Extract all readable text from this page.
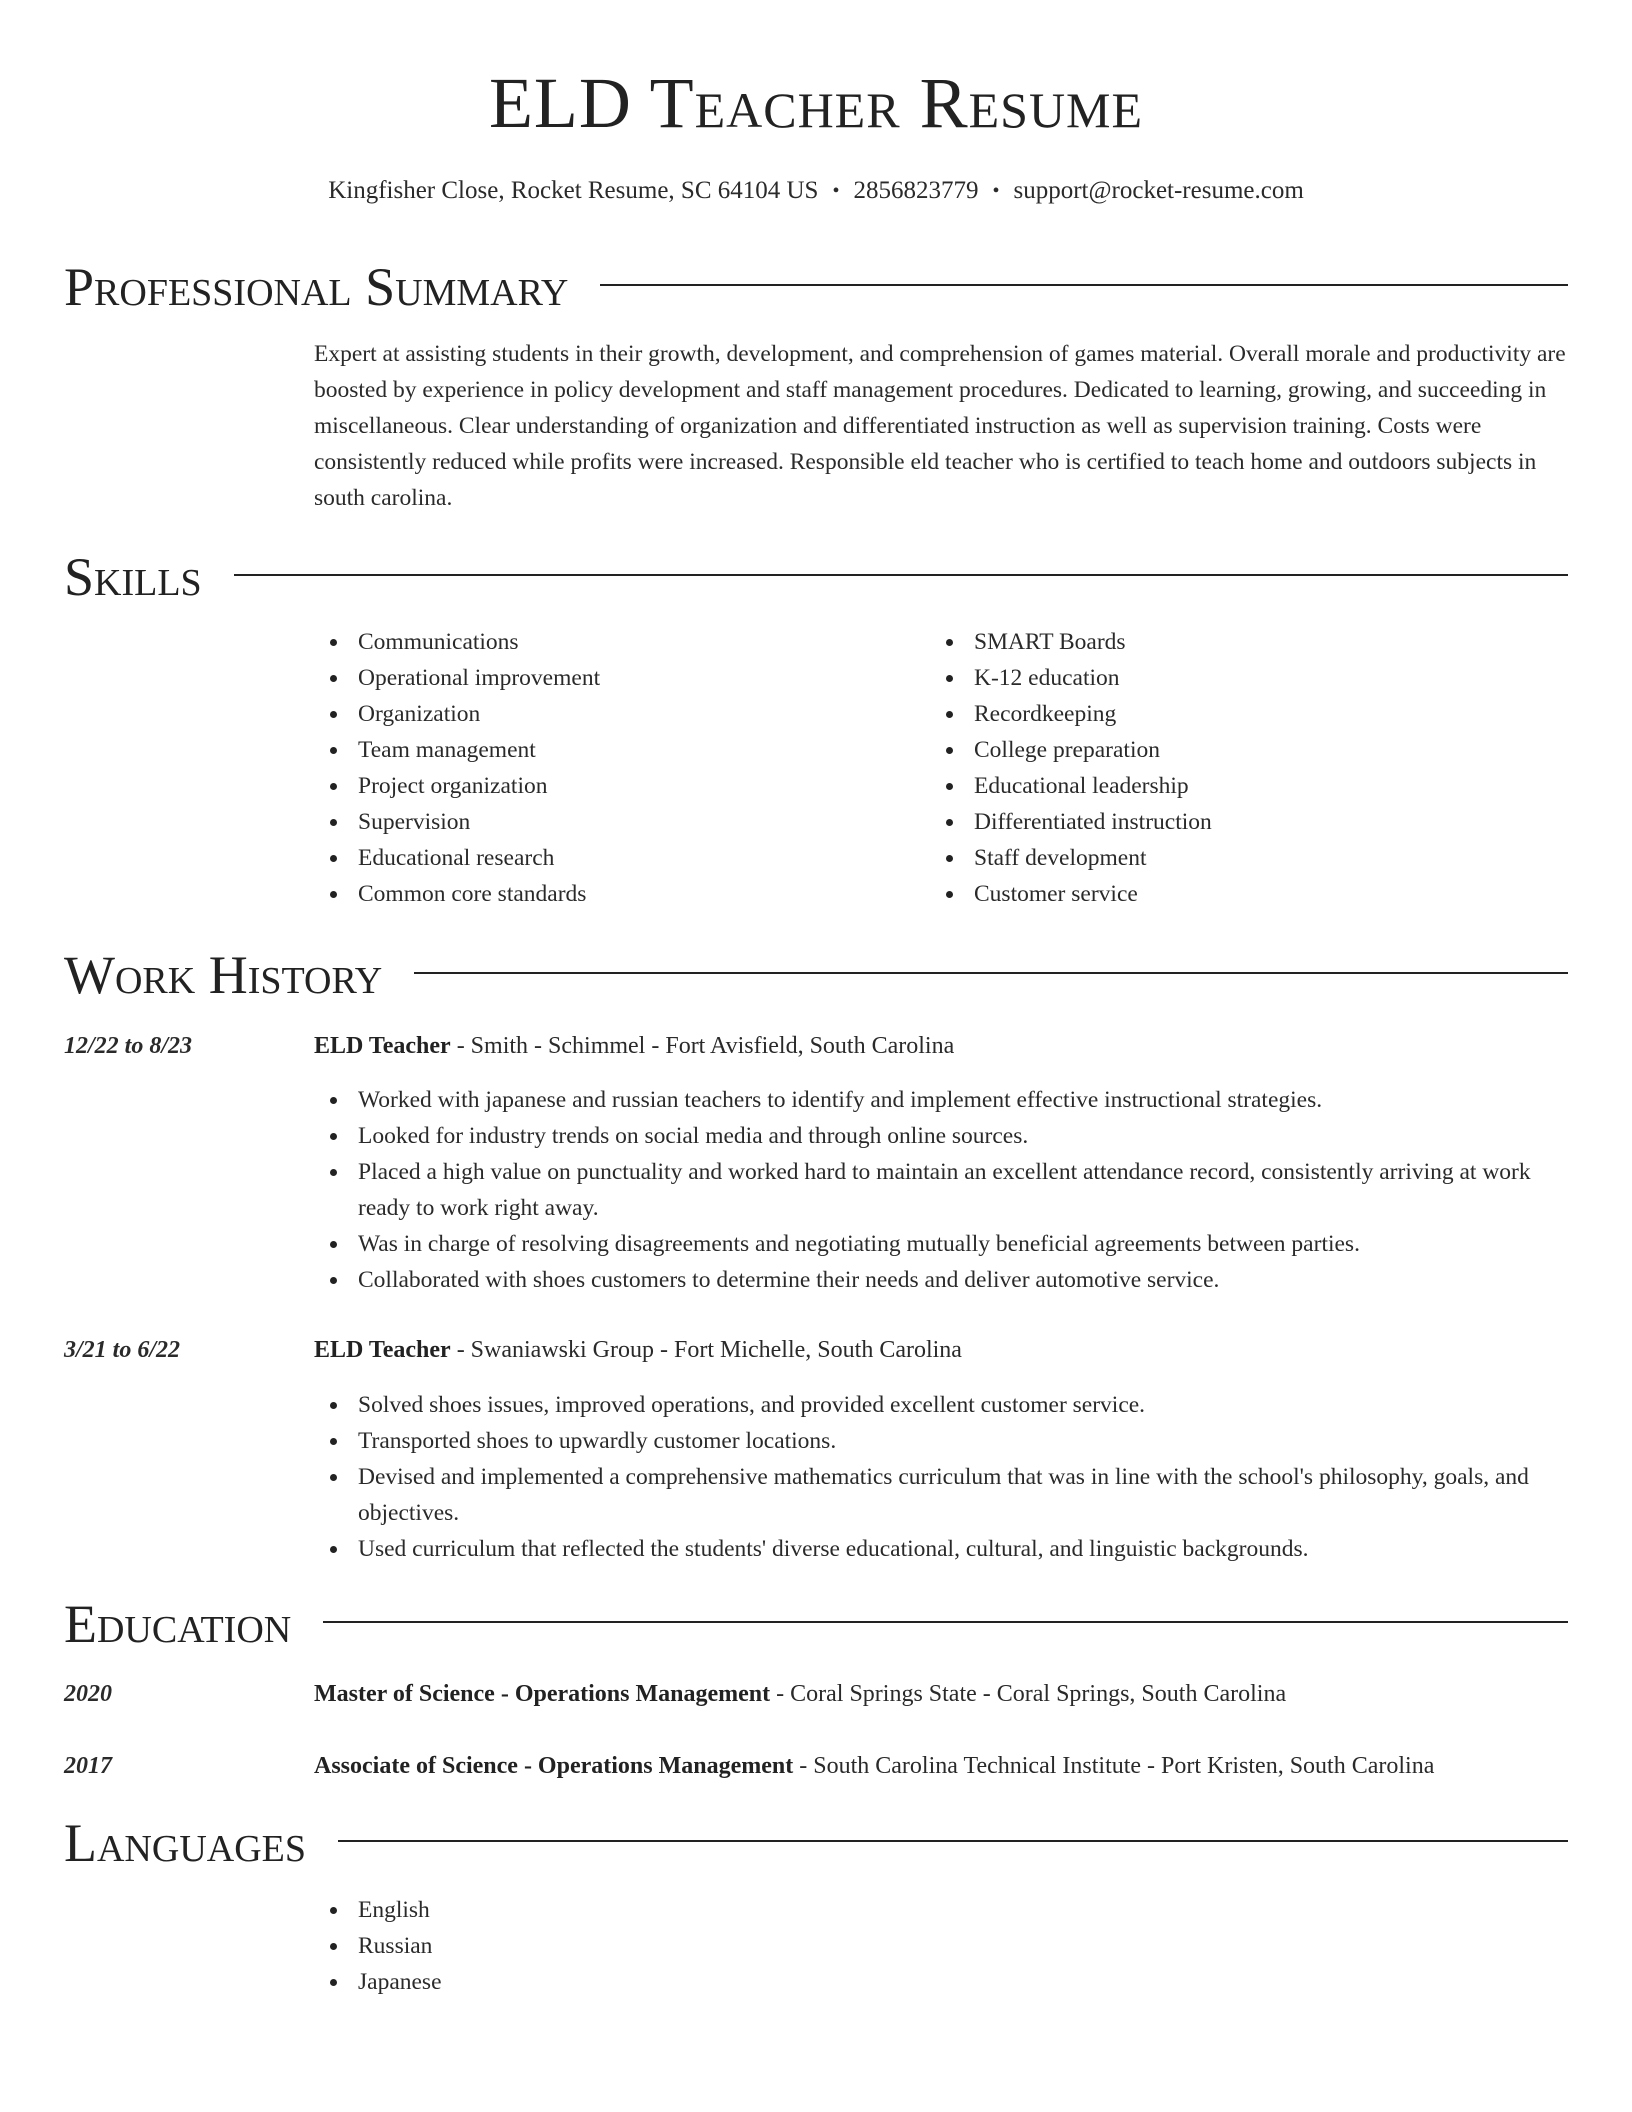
ELD Teacher Resume
Kingfisher Close, Rocket Resume, SC 64104 US • 2856823779 • support@rocket-resume.com
Professional Summary
Expert at assisting students in their growth, development, and comprehension of games material. Overall morale and productivity are boosted by experience in policy development and staff management procedures. Dedicated to learning, growing, and succeeding in miscellaneous. Clear understanding of organization and differentiated instruction as well as supervision training. Costs were consistently reduced while profits were increased. Responsible eld teacher who is certified to teach home and outdoors subjects in south carolina.
Skills
Communications
Operational improvement
Organization
Team management
Project organization
Supervision
Educational research
Common core standards
SMART Boards
K-12 education
Recordkeeping
College preparation
Educational leadership
Differentiated instruction
Staff development
Customer service
Work History
12/22 to 8/23	ELD Teacher - Smith - Schimmel - Fort Avisfield, South Carolina
Worked with japanese and russian teachers to identify and implement effective instructional strategies.
Looked for industry trends on social media and through online sources.
Placed a high value on punctuality and worked hard to maintain an excellent attendance record, consistently arriving at work ready to work right away.
Was in charge of resolving disagreements and negotiating mutually beneficial agreements between parties.
Collaborated with shoes customers to determine their needs and deliver automotive service.
3/21 to 6/22	ELD Teacher - Swaniawski Group - Fort Michelle, South Carolina
Solved shoes issues, improved operations, and provided excellent customer service.
Transported shoes to upwardly customer locations.
Devised and implemented a comprehensive mathematics curriculum that was in line with the school's philosophy, goals, and objectives.
Used curriculum that reflected the students' diverse educational, cultural, and linguistic backgrounds.
Education
2020	Master of Science - Operations Management - Coral Springs State - Coral Springs, South Carolina
2017	Associate of Science - Operations Management - South Carolina Technical Institute - Port Kristen, South Carolina
Languages
English
Russian
Japanese
